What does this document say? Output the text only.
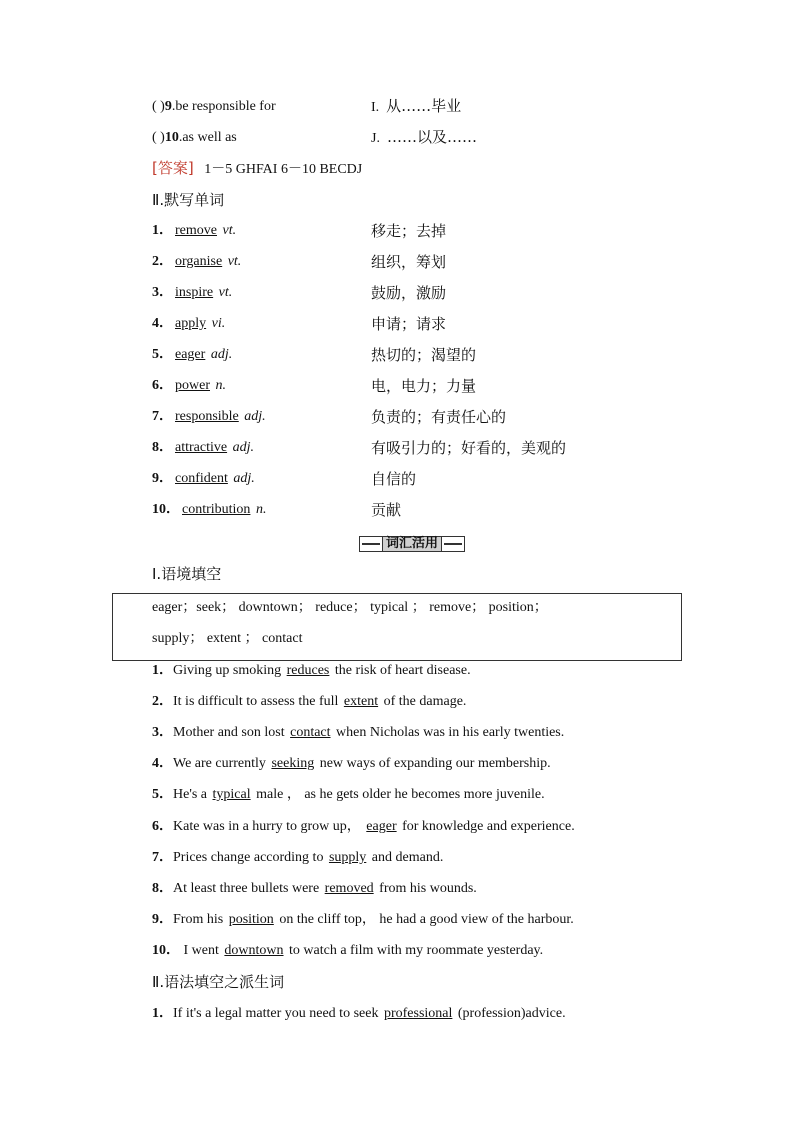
( )9.be responsible for	I. 从……毕业
( )10.as well as	J. ……以及……
[答案] 1－5 GHFAI 6－10 BECDJ
Ⅱ.默写单词
1． remove vt.	移走；去掉
2． organise vt.	组织，筹划
3． inspire vt.	鼓励，激励
4． apply vi.	申请；请求
5． eager adj.	热切的；渴望的
6． power n.	电，电力；力量
7． responsible adj.	负责的；有责任心的
8． attractive adj.	有吸引力的；好看的，美观的
9． confident adj.	自信的
10． contribution n.	贡献
词汇活用
Ⅰ.语境填空
eager；seek； downtown； reduce； typical ； remove； position；
supply； extent ； contact
1．Giving up smoking reduces the risk of heart disease.
2．It is difficult to assess the full extent of the damage.
3．Mother and son lost contact when Nicholas was in his early twenties.
4．We are currently seeking new ways of expanding our membership.
5．He's a typical male ， as he gets older he becomes more juvenile.
6．Kate was in a hurry to grow up， eager for knowledge and experience.
7．Prices change according to supply and demand.
8．At least three bullets were removed from his wounds.
9．From his position on the cliff top， he had a good view of the harbour.
10． I went downtown to watch a film with my roommate yesterday.
Ⅱ.语法填空之派生词
1．If it's a legal matter you need to seek professional (profession)advice.
